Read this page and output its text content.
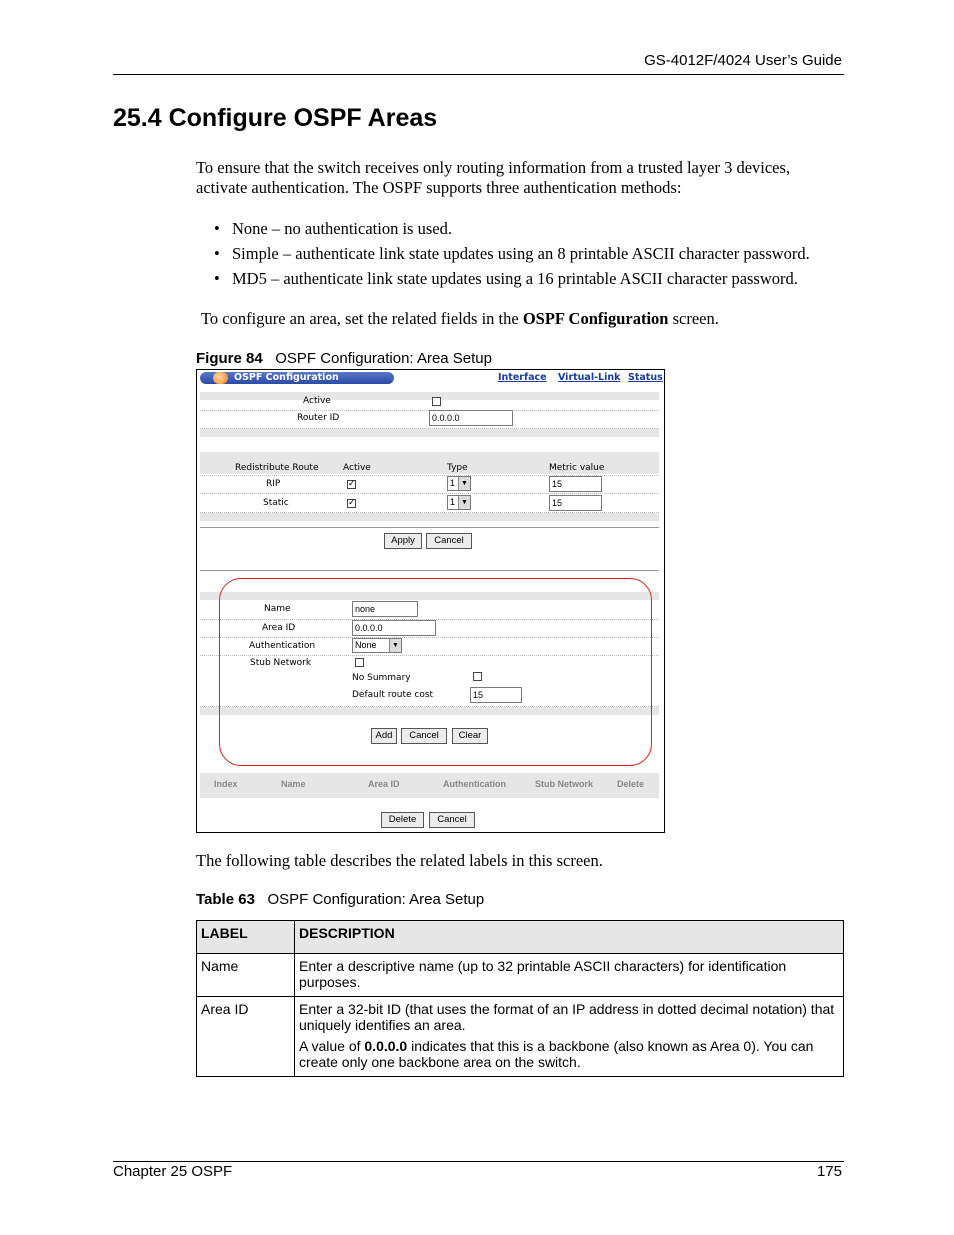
GS-4012F/4024 User’s Guide
25.4 Configure OSPF Areas
To ensure that the switch receives only routing information from a trusted layer 3 devices,
activate authentication. The OSPF supports three authentication methods:
• None – no authentication is used.
• Simple – authenticate link state updates using an 8 printable ASCII character password.
• MD5 – authenticate link state updates using a 16 printable ASCII character password.
To configure an area, set the related fields in the OSPF Configuration screen.
Figure 84 OSPF Configuration: Area Setup
OSPF Configuration	Interface Virtual-Link Status
Active
Router ID	0.0.0.0
Redistribute Route	Active	Type	Metric value
RIP ✓	1 ▼	15
Static ✓	1 ▼	15
Apply	Cancel
Name	none
Area ID	0.0.0.0
Authentication	None	▼
Stub Network
No Summary
Default route cost	15
Add	Cancel	Clear
Index	Name	Area ID	Authentication	Stub Network	Delete
Delete	Cancel
The following table describes the related labels in this screen.
Table 63 OSPF Configuration: Area Setup
LABEL	DESCRIPTION
Name	Enter a descriptive name (up to 32 printable ASCII characters) for identification purposes.
Area ID	Enter a 32-bit ID (that uses the format of an IP address in dotted decimal notation) that uniquely identifies an area.

A value of 0.0.0.0 indicates that this is a backbone (also known as Area 0). You can create only one backbone area on the switch.

Chapter 25 OSPF	175
